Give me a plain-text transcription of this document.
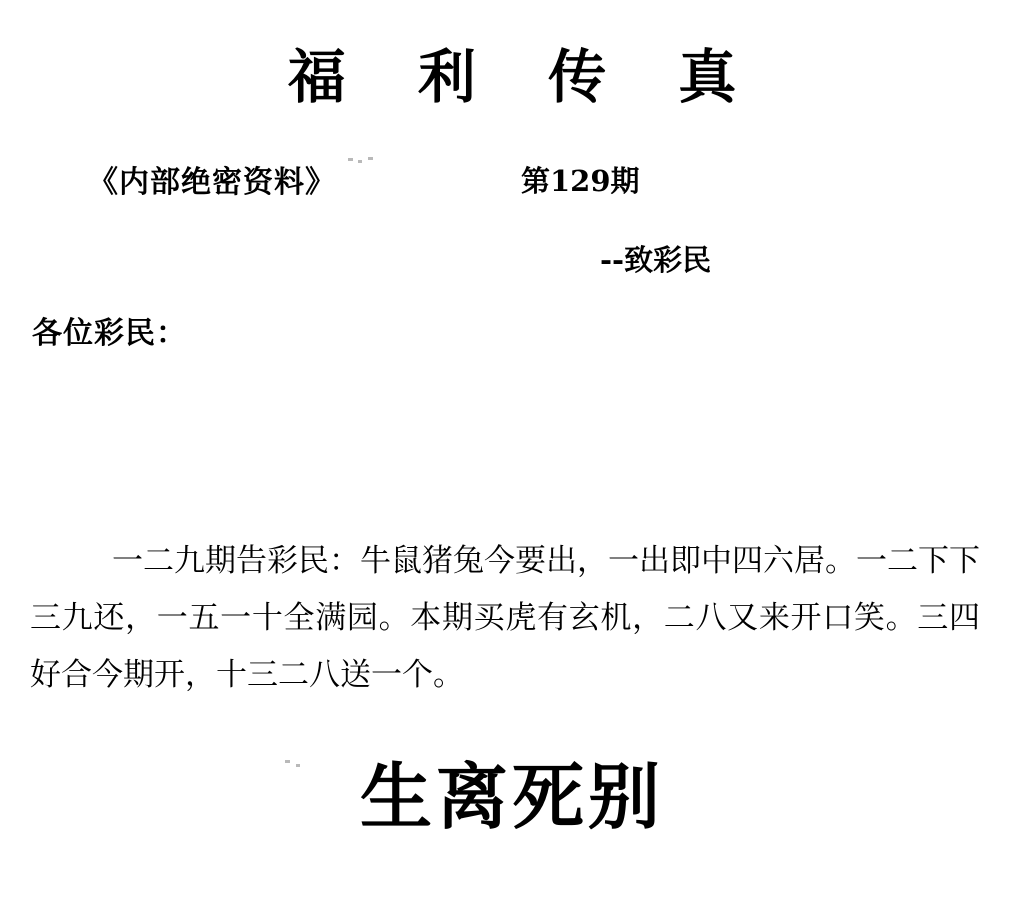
福 利 传 真
《内部绝密资料》	第129期
--致彩民
各位彩民：
一二九期告彩民：牛鼠猪兔今要出，一出即中四六居。一二下下三九还，一五一十全满园。本期买虎有玄机，二八又来开口笑。三四好合今期开，十三二八送一个。
生离死别
